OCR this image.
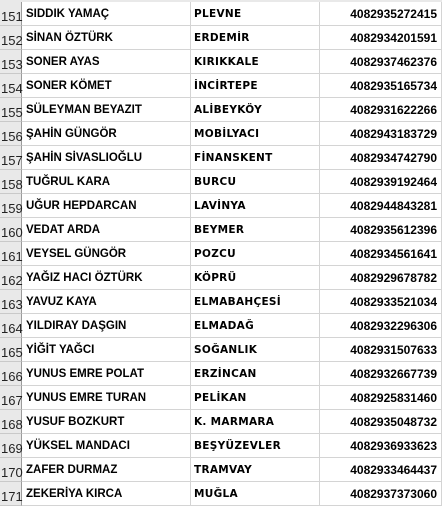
151 SIDDIK YAMAÇ	PLEVNE	4082935272415
152 SİNAN ÖZTÜRK	ERDEMİR	4082934201591
153 SONER AYAS	KIRIKKALE	4082937462376
154 SONER KÖMET	İNCİRTEPE	4082935165734
155 SÜLEYMAN BEYAZIT	ALİBEYKÖY	4082931622266
156 ŞAHİN GÜNGÖR	MOBİLYACI	4082943183729
157 ŞAHİN SİVASLIOĞLU	FİNANSKENT	4082934742790
158 TUĞRUL KARA	BURCU	4082939192464
159 UĞUR HEPDARCAN	LAVİNYA	4082944843281
160 VEDAT ARDA	BEYMER	4082935612396
161 VEYSEL GÜNGÖR	POZCU	4082934561641
162 YAĞIZ HACI ÖZTÜRK	KÖPRÜ	4082929678782
163 YAVUZ KAYA	ELMABAHÇESİ	4082933521034
164 YILDIRAY DAŞGIN	ELMADAĞ	4082932296306
165 YİĞİT YAĞCI	SOĞANLIK	4082931507633
166 YUNUS EMRE POLAT	ERZİNCAN	4082932667739
167 YUNUS EMRE TURAN	PELİKAN	4082925831460
168 YUSUF BOZKURT	K. MARMARA	4082935048732
169 YÜKSEL MANDACI	BEŞYÜZEVLER	4082936933623
170 ZAFER DURMAZ	TRAMVAY	4082933464437
171 ZEKERİYA KIRCA	MUĞLA	4082937373060
